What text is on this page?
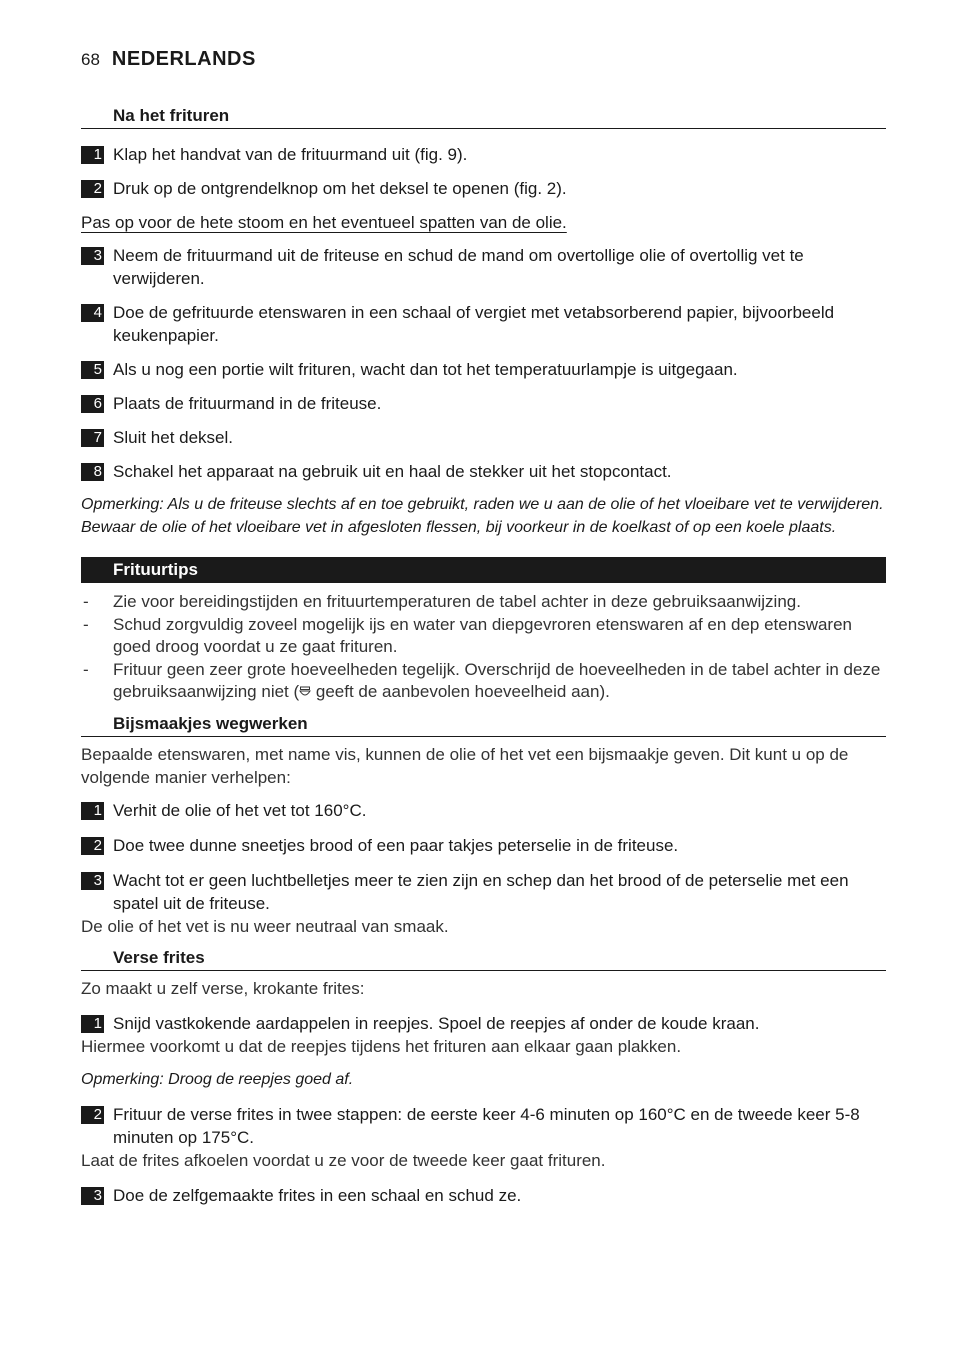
68 NEDERLANDS
Na het frituren
1 Klap het handvat van de frituurmand uit (fig. 9).
2 Druk op de ontgrendelknop om het deksel te openen (fig. 2).
Pas op voor de hete stoom en het eventueel spatten van de olie.
3 Neem de frituurmand uit de friteuse en schud de mand om overtollige olie of overtollig vet te verwijderen.
4 Doe de gefrituurde etenswaren in een schaal of vergiet met vetabsorberend papier, bijvoorbeeld keukenpapier.
5 Als u nog een portie wilt frituren, wacht dan tot het temperatuurlampje is uitgegaan.
6 Plaats de frituurmand in de friteuse.
7 Sluit het deksel.
8 Schakel het apparaat na gebruik uit en haal de stekker uit het stopcontact.
Opmerking: Als u de friteuse slechts af en toe gebruikt, raden we u aan de olie of het vloeibare vet te verwijderen. Bewaar de olie of het vloeibare vet in afgesloten flessen, bij voorkeur in de koelkast of op een koele plaats.
Frituurtips
- Zie voor bereidingstijden en frituurtemperaturen de tabel achter in deze gebruiksaanwijzing.
- Schud zorgvuldig zoveel mogelijk ijs en water van diepgevroren etenswaren af en dep etenswaren goed droog voordat u ze gaat frituren.
- Frituur geen zeer grote hoeveelheden tegelijk. Overschrijd de hoeveelheden in de tabel achter in deze gebruiksaanwijzing niet ( geeft de aanbevolen hoeveelheid aan).
Bijsmaakjes wegwerken
Bepaalde etenswaren, met name vis, kunnen de olie of het vet een bijsmaakje geven. Dit kunt u op de volgende manier verhelpen:
1 Verhit de olie of het vet tot 160°C.
2 Doe twee dunne sneetjes brood of een paar takjes peterselie in de friteuse.
3 Wacht tot er geen luchtbelletjes meer te zien zijn en schep dan het brood of de peterselie met een spatel uit de friteuse.
De olie of het vet is nu weer neutraal van smaak.
Verse frites
Zo maakt u zelf verse, krokante frites:
1 Snijd vastkokende aardappelen in reepjes. Spoel de reepjes af onder de koude kraan.
Hiermee voorkomt u dat de reepjes tijdens het frituren aan elkaar gaan plakken.
Opmerking: Droog de reepjes goed af.
2 Frituur de verse frites in twee stappen: de eerste keer 4-6 minuten op 160°C en de tweede keer 5-8 minuten op 175°C.
Laat de frites afkoelen voordat u ze voor de tweede keer gaat frituren.
3 Doe de zelfgemaakte frites in een schaal en schud ze.
